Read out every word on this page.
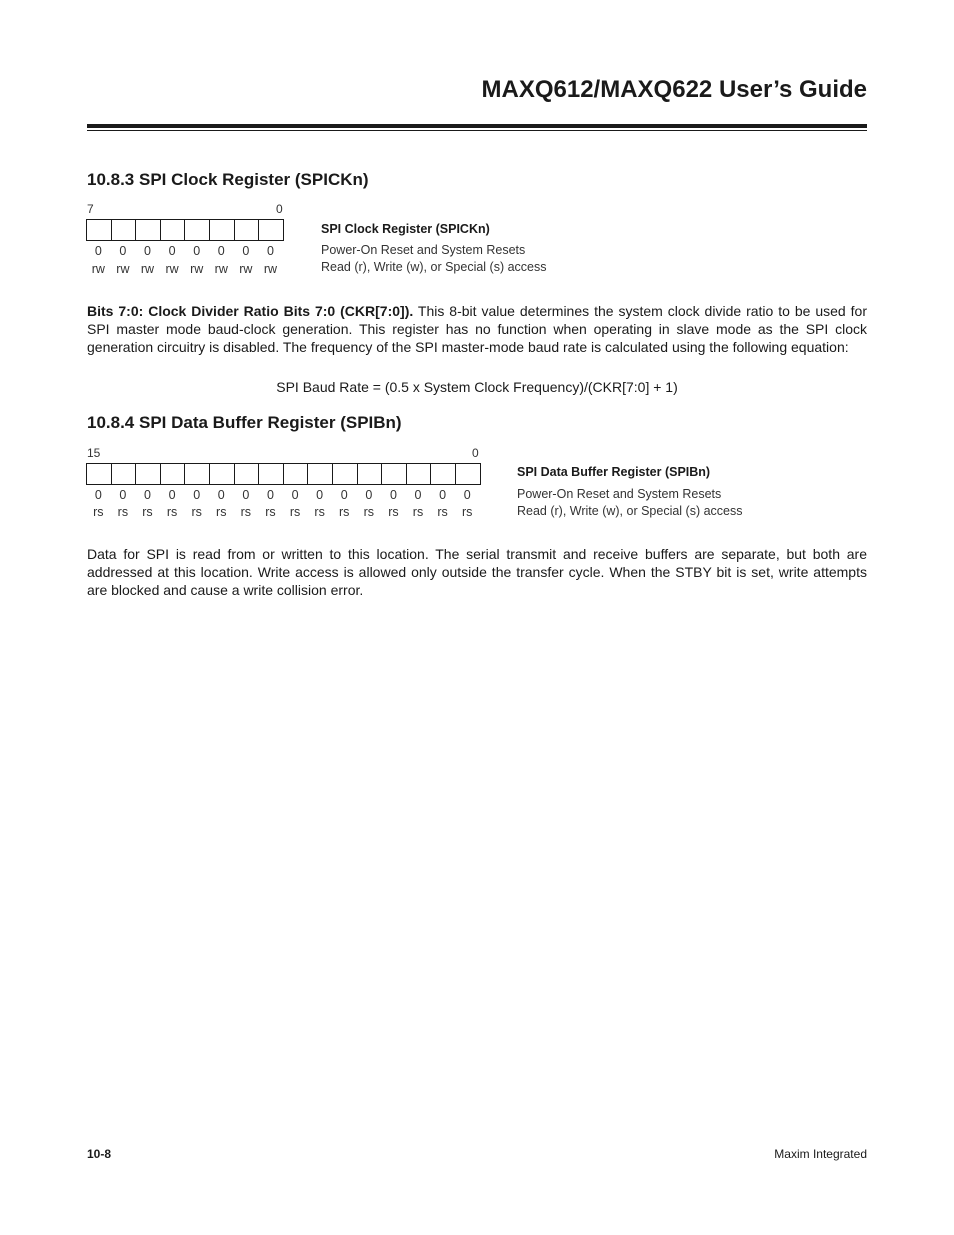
MAXQ612/MAXQ622 User’s Guide
10.8.3 SPI Clock Register (SPICKn)
7	0
0	0	0	0	0	0	0	0
rw rw rw rw rw rw rw rw
SPI Clock Register (SPICKn)
Power-On Reset and System Resets
Read (r), Write (w), or Special (s) access

Bits 7:0: Clock Divider Ratio Bits 7:0 (CKR[7:0]). This 8-bit value determines the system clock divide ratio to be used for SPI master mode baud-clock generation. This register has no function when operating in slave mode as the SPI clock generation circuitry is disabled. The frequency of the SPI master-mode baud rate is calculated using the following equation:

SPI Baud Rate = (0.5 x System Clock Frequency)/(CKR[7:0] + 1)
10.8.4 SPI Data Buffer Register (SPIBn)
15	0
0	0	0	0	0	0	0	0	0	0	0	0	0	0	0	0
rs	rs	rs	rs	rs	rs	rs	rs	rs	rs	rs	rs	rs	rs	rs	rs
SPI Data Buffer Register (SPIBn)
Power-On Reset and System Resets
Read (r), Write (w), or Special (s) access

Data for SPI is read from or written to this location. The serial transmit and receive buffers are separate, but both are addressed at this location. Write access is allowed only outside the transfer cycle. When the STBY bit is set, write attempts are blocked and cause a write collision error.

10-8	Maxim Integrated
